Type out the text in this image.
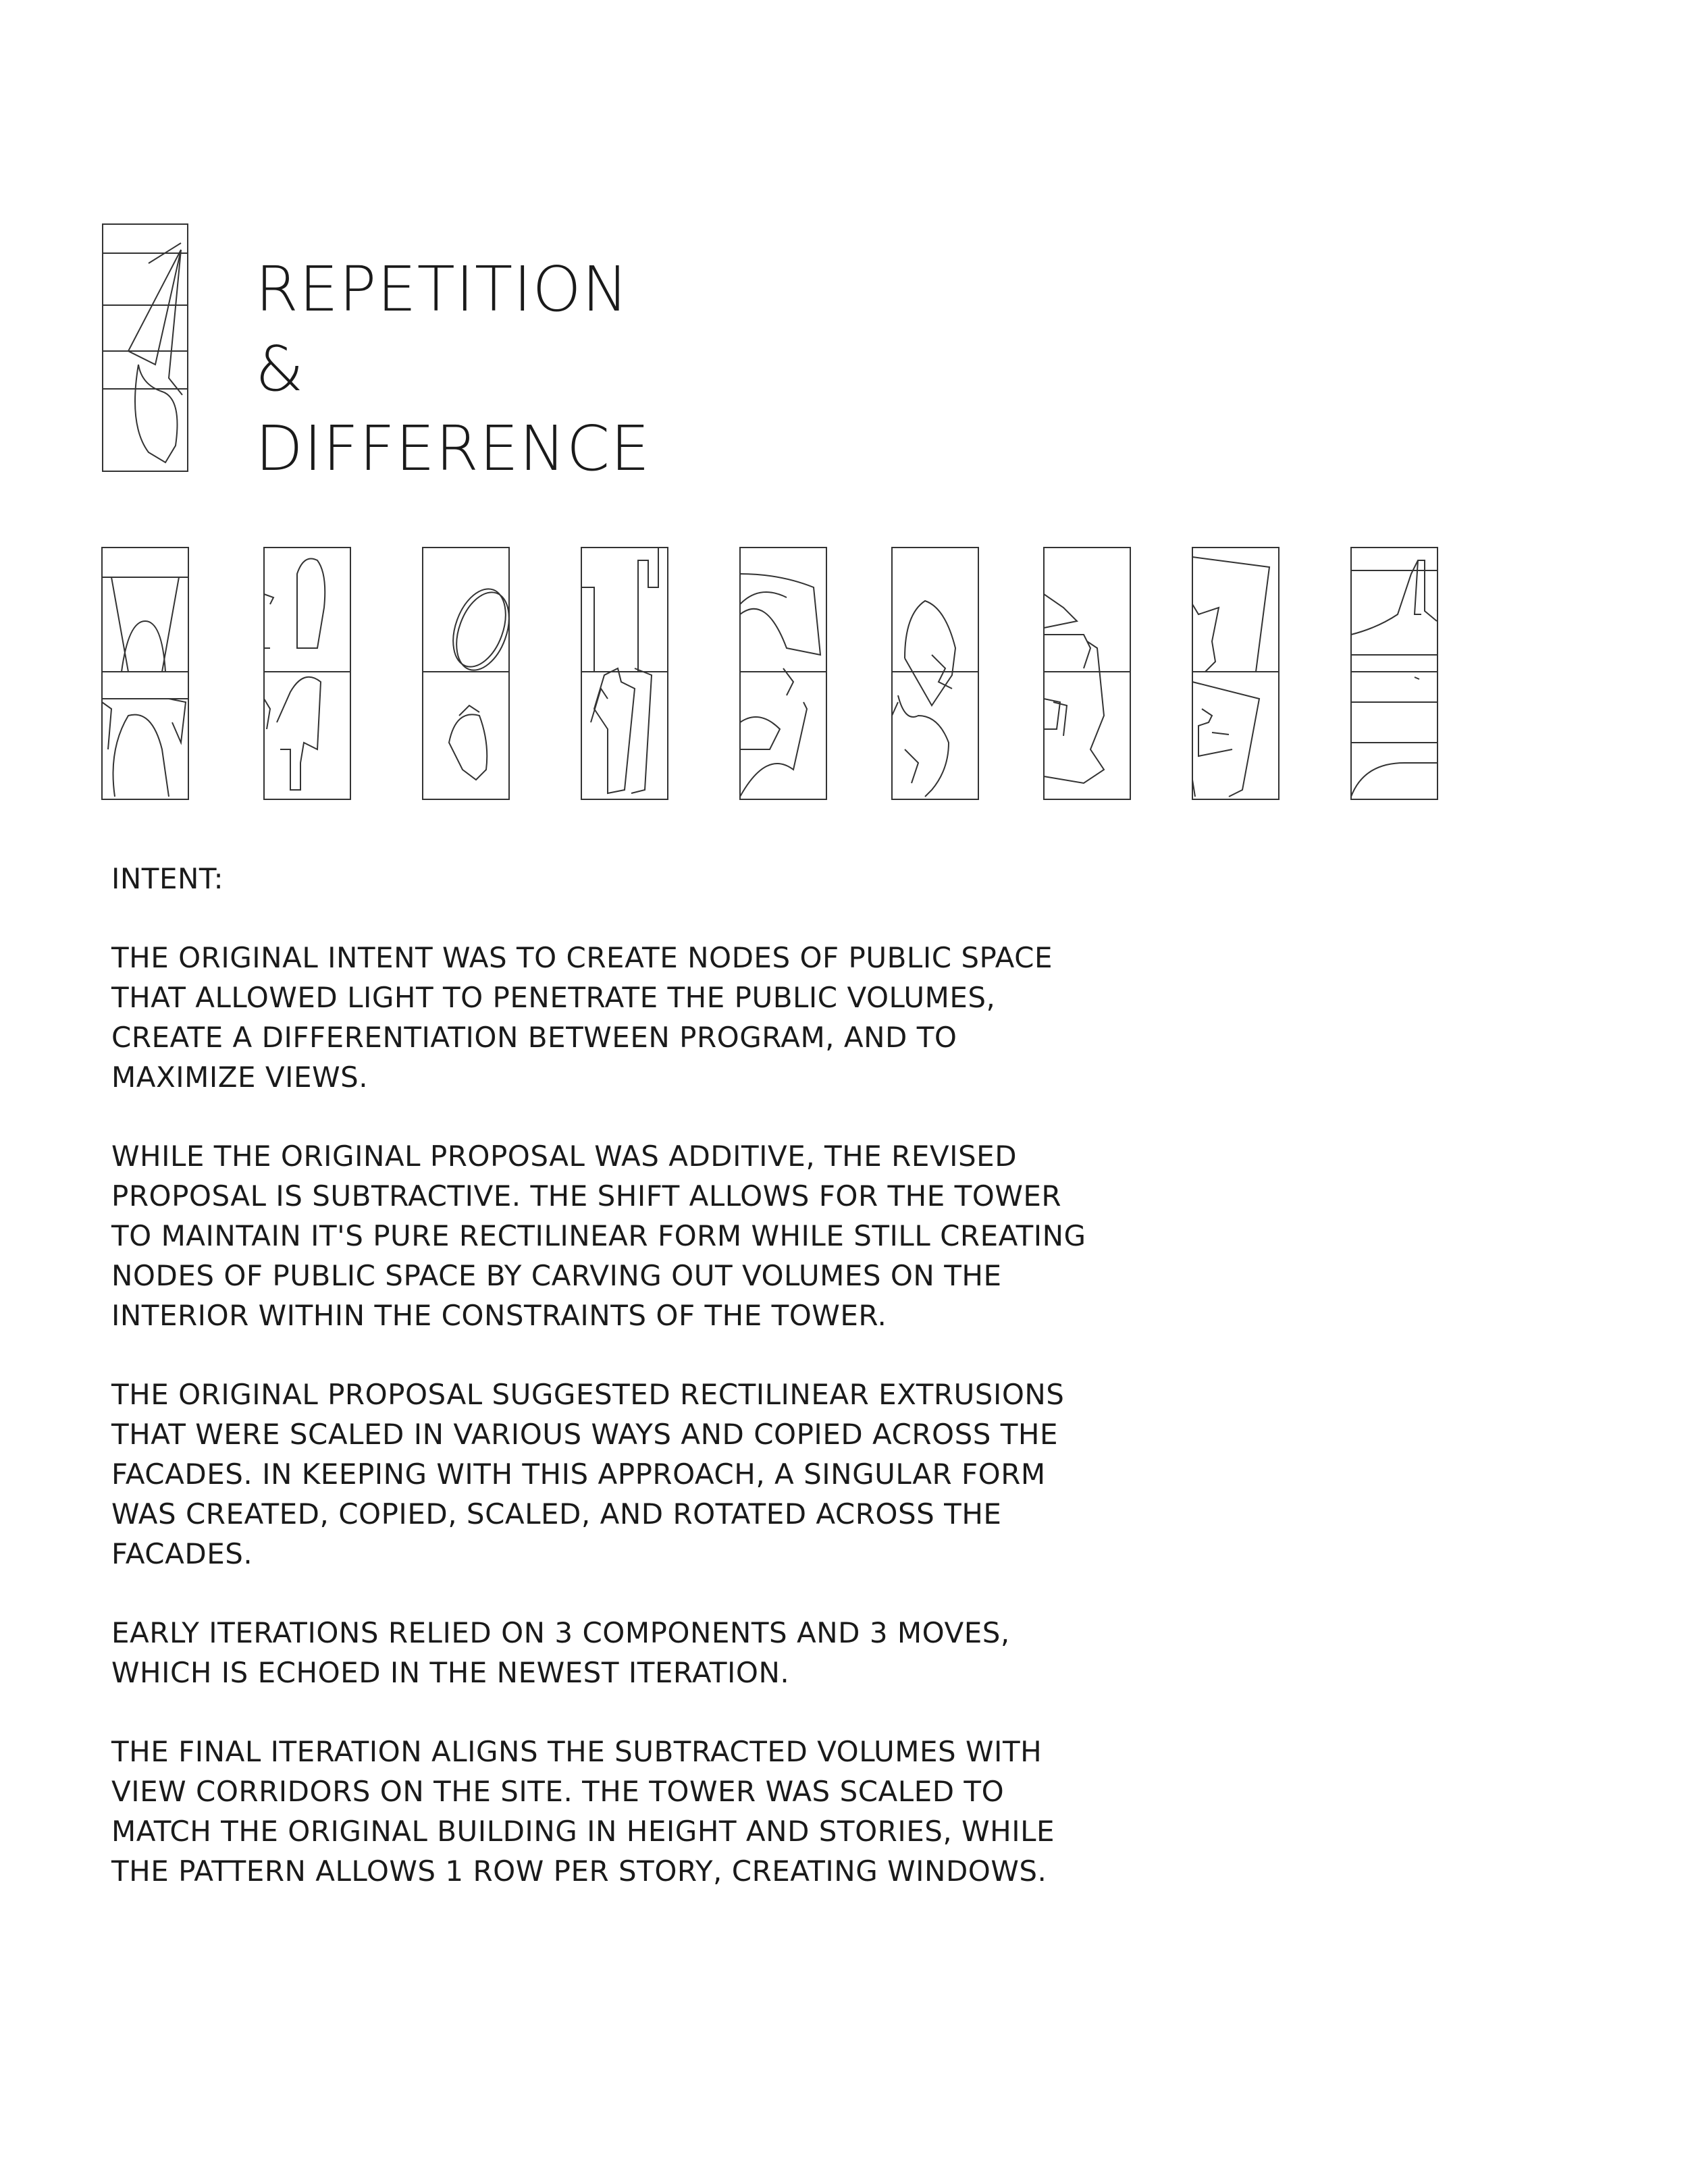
REPETITION
&
DIFFERENCE

INTENT:

THE ORIGINAL INTENT WAS TO CREATE NODES OF PUBLIC SPACE THAT ALLOWED LIGHT TO PENETRATE THE PUBLIC VOLUMES, CREATE A DIFFERENTIATION BETWEEN PROGRAM, AND TO MAXIMIZE VIEWS.

WHILE THE ORIGINAL PROPOSAL WAS ADDITIVE, THE REVISED PROPOSAL IS SUBTRACTIVE. THE SHIFT ALLOWS FOR THE TOWER TO MAINTAIN IT'S PURE RECTILINEAR FORM WHILE STILL CREATING NODES OF PUBLIC SPACE BY CARVING OUT VOLUMES ON THE INTERIOR WITHIN THE CONSTRAINTS OF THE TOWER.

THE ORIGINAL PROPOSAL SUGGESTED RECTILINEAR EXTRUSIONS THAT WERE SCALED IN VARIOUS WAYS AND COPIED ACROSS THE FACADES. IN KEEPING WITH THIS APPROACH, A SINGULAR FORM WAS CREATED, COPIED, SCALED, AND ROTATED ACROSS THE FACADES.

EARLY ITERATIONS RELIED ON 3 COMPONENTS AND 3 MOVES, WHICH IS ECHOED IN THE NEWEST ITERATION.

THE FINAL ITERATION ALIGNS THE SUBTRACTED VOLUMES WITH VIEW CORRIDORS ON THE SITE. THE TOWER WAS SCALED TO MATCH THE ORIGINAL BUILDING IN HEIGHT AND STORIES, WHILE THE PATTERN ALLOWS 1 ROW PER STORY, CREATING WINDOWS.
